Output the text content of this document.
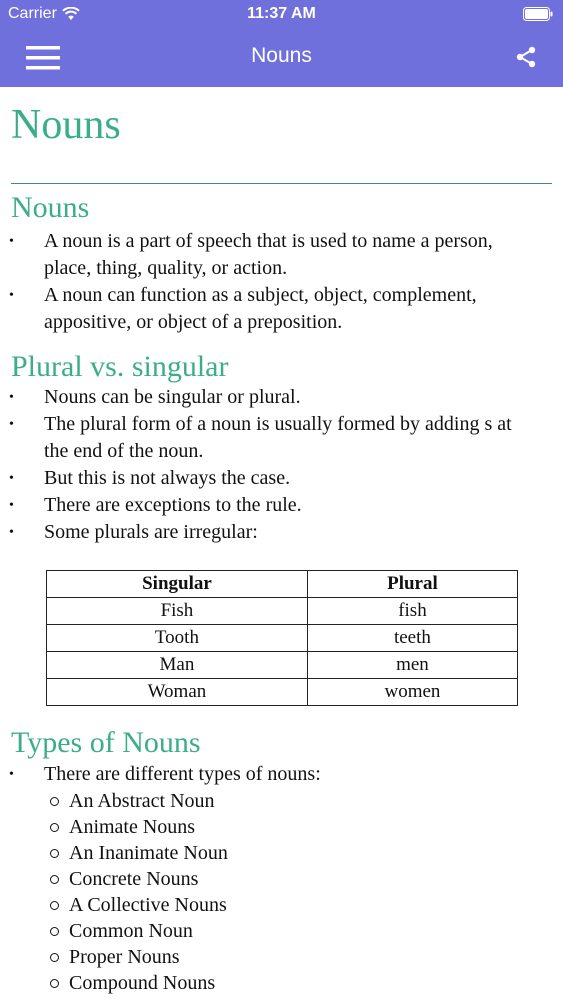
Carrier	11:37 AM
Nouns
Nouns
Nouns
• A noun is a part of speech that is used to name a person, place, thing, quality, or action.
• A noun can function as a subject, object, complement, appositive, or object of a preposition.
Plural vs. singular
• Nouns can be singular or plural.
• The plural form of a noun is usually formed by adding s at the end of the noun.
• But this is not always the case.
• There are exceptions to the rule.
• Some plurals are irregular:
Singular	Plural
Fish	fish
Tooth	teeth
Man	men
Woman	women
Types of Nouns
• There are different types of nouns:
An Abstract Noun
Animate Nouns
An Inanimate Noun
Concrete Nouns
A Collective Nouns
Common Noun
Proper Nouns
Compound Nouns
